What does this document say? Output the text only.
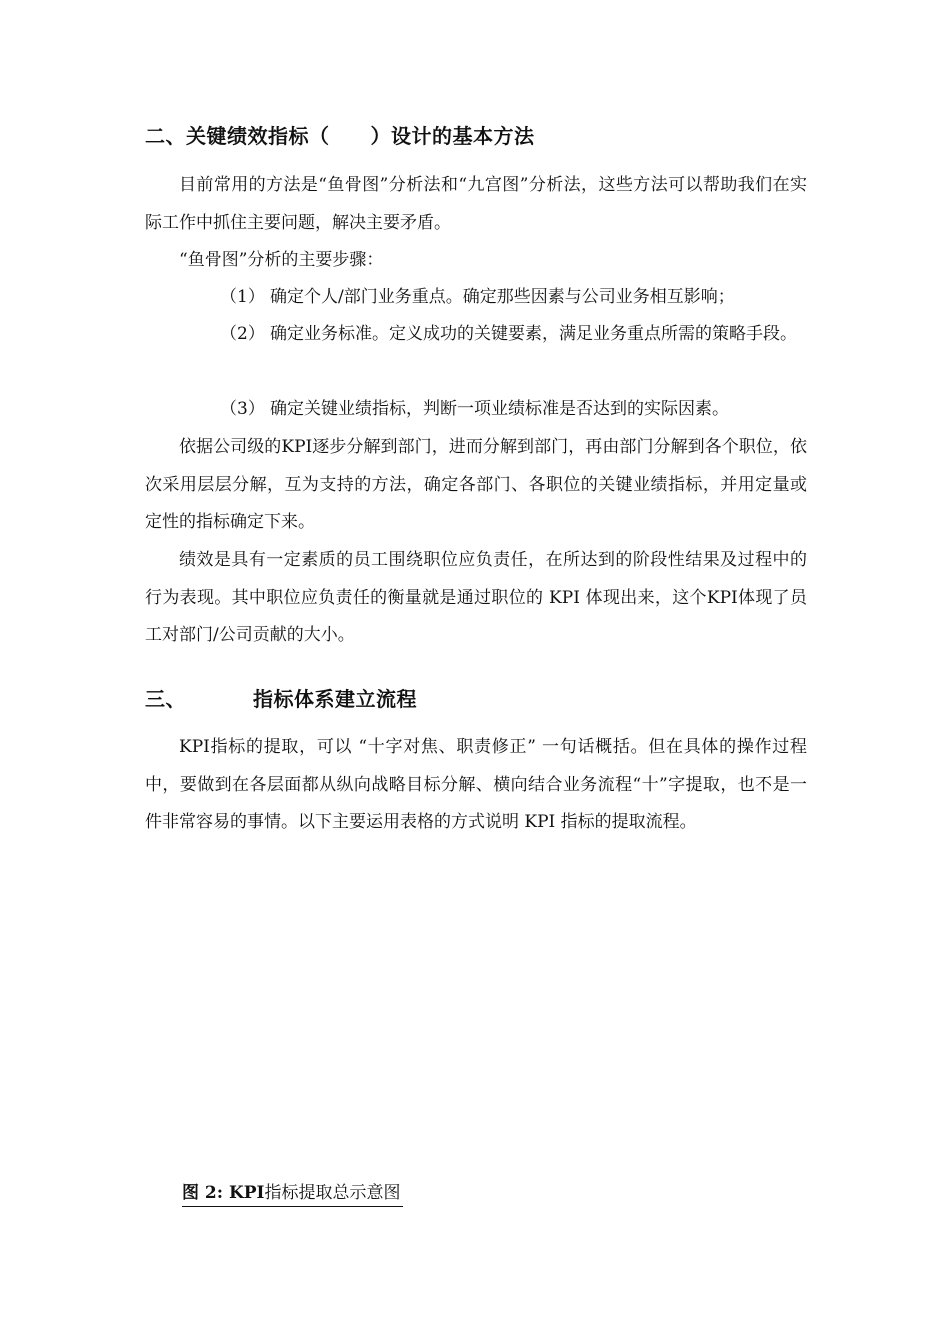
二、关键绩效指标（　　）设计的基本方法

目前常用的方法是“鱼骨图”分析法和“九宫图”分析法，这些方法可以帮助我们在实际工作中抓住主要问题，解决主要矛盾。

“鱼骨图”分析的主要步骤：

（1） 确定个人/部门业务重点。确定那些因素与公司业务相互影响；
（2） 确定业务标准。定义成功的关键要素，满足业务重点所需的策略手段。
（3） 确定关键业绩指标，判断一项业绩标准是否达到的实际因素。

依据公司级的KPI逐步分解到部门，进而分解到部门，再由部门分解到各个职位，依次采用层层分解，互为支持的方法，确定各部门、各职位的关键业绩指标，并用定量或定性的指标确定下来。

绩效是具有一定素质的员工围绕职位应负责任，在所达到的阶段性结果及过程中的行为表现。其中职位应负责任的衡量就是通过职位的 KPI 体现出来，这个KPI体现了员工对部门/公司贡献的大小。

三、	指标体系建立流程

KPI指标的提取，可以 “十字对焦、职责修正” 一句话概括。但在具体的操作过程中，要做到在各层面都从纵向战略目标分解、横向结合业务流程“十”字提取，也不是一件非常容易的事情。以下主要运用表格的方式说明 KPI 指标的提取流程。

图 2: KPI指标提取总示意图
